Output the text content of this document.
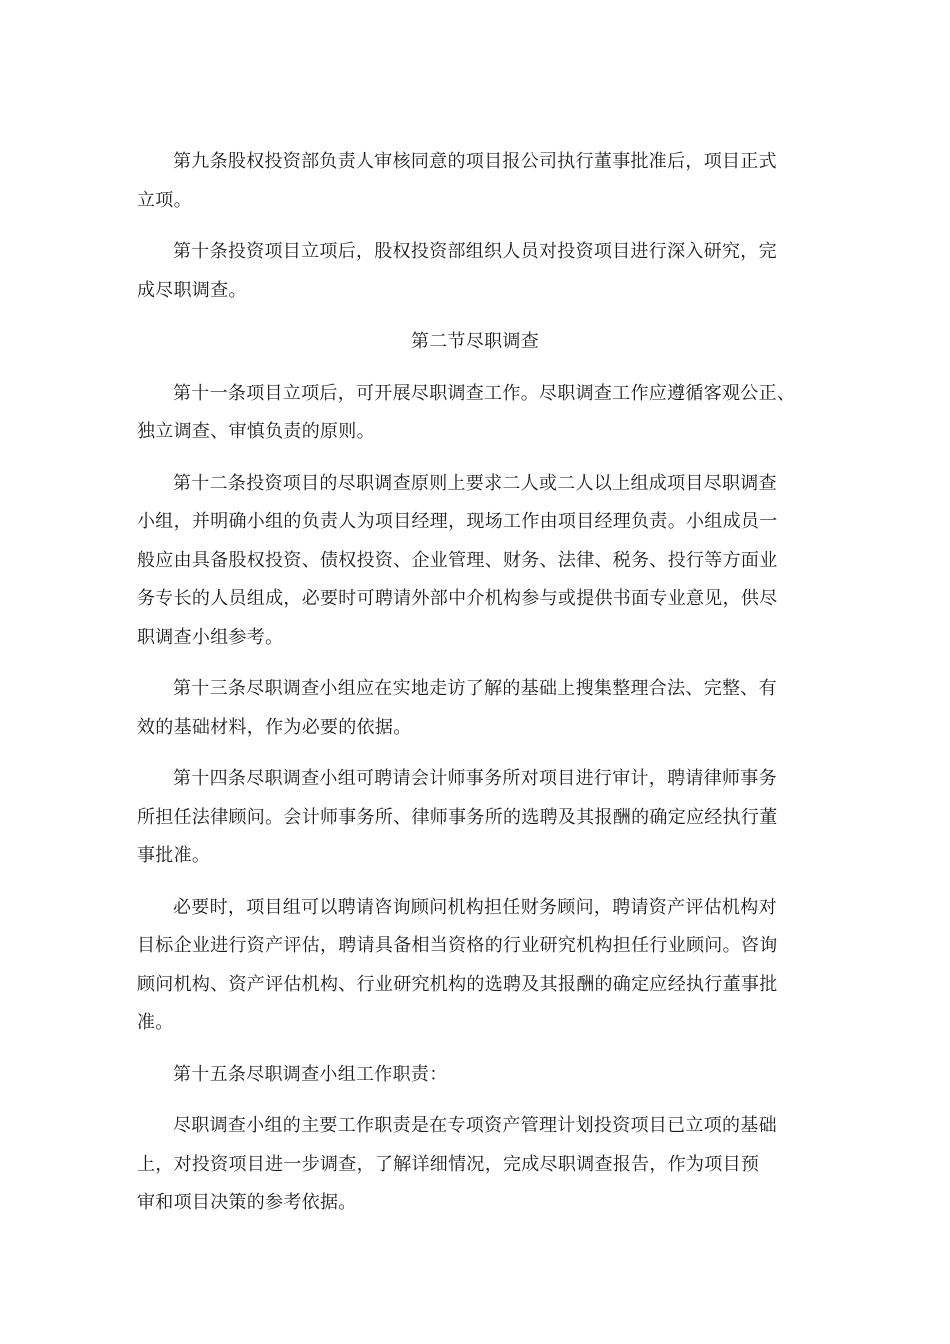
第九条股权投资部负责人审核同意的项目报公司执行董事批准后，项目正式
立项。

第十条投资项目立项后，股权投资部组织人员对投资项目进行深入研究，完
成尽职调查。

第二节尽职调查

第十一条项目立项后，可开展尽职调查工作。尽职调查工作应遵循客观公正、
独立调查、审慎负责的原则。

第十二条投资项目的尽职调查原则上要求二人或二人以上组成项目尽职调查
小组，并明确小组的负责人为项目经理，现场工作由项目经理负责。小组成员一
般应由具备股权投资、债权投资、企业管理、财务、法律、税务、投行等方面业
务专长的人员组成，必要时可聘请外部中介机构参与或提供书面专业意见，供尽
职调查小组参考。

第十三条尽职调查小组应在实地走访了解的基础上搜集整理合法、完整、有
效的基础材料，作为必要的依据。

第十四条尽职调查小组可聘请会计师事务所对项目进行审计，聘请律师事务
所担任法律顾问。会计师事务所、律师事务所的选聘及其报酬的确定应经执行董
事批准。

必要时，项目组可以聘请咨询顾问机构担任财务顾问，聘请资产评估机构对
目标企业进行资产评估，聘请具备相当资格的行业研究机构担任行业顾问。咨询
顾问机构、资产评估机构、行业研究机构的选聘及其报酬的确定应经执行董事批
准。

第十五条尽职调查小组工作职责：

尽职调查小组的主要工作职责是在专项资产管理计划投资项目已立项的基础
上，对投资项目进一步调查，了解详细情况，完成尽职调查报告，作为项目预
审和项目决策的参考依据。
